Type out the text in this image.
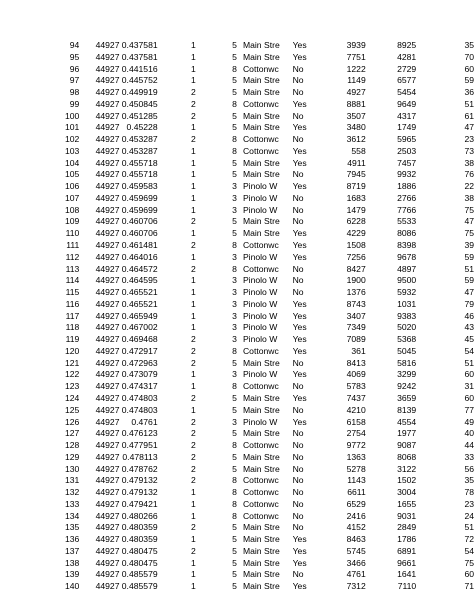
94	44927	0.437581	1	5	Main Stre	Yes	3939	8925	35
95	44927	0.437581	1	5	Main Stre	Yes	7751	4281	70
96	44927	0.441516	1	8	Cottonwc	No	1222	2729	60
97	44927	0.445752	1	5	Main Stre	No	1149	6577	59
98	44927	0.449919	2	5	Main Stre	No	4927	5454	36
99	44927	0.450845	2	8	Cottonwc	Yes	8881	9649	51
100	44927	0.451285	2	5	Main Stre	No	3507	4317	61
101	44927	0.45228	1	5	Main Stre	Yes	3480	1749	47
102	44927	0.453287	2	8	Cottonwc	No	3612	5965	23
103	44927	0.453287	1	8	Cottonwc	Yes	558	2503	73
104	44927	0.455718	1	5	Main Stre	Yes	4911	7457	38
105	44927	0.455718	1	5	Main Stre	No	7945	9932	76
106	44927	0.459583	1	3	Pinolo W	Yes	8719	1886	22
107	44927	0.459699	1	3	Pinolo W	No	1683	2766	38
108	44927	0.459699	1	3	Pinolo W	No	1479	7766	75
109	44927	0.460706	2	5	Main Stre	No	6228	5533	47
110	44927	0.460706	1	5	Main Stre	Yes	4229	8086	75
111	44927	0.461481	2	8	Cottonwc	Yes	1508	8398	39
112	44927	0.464016	1	3	Pinolo W	Yes	7256	9678	59
113	44927	0.464572	2	8	Cottonwc	No	8427	4897	51
114	44927	0.464595	1	3	Pinolo W	No	1900	9500	59
115	44927	0.465521	1	3	Pinolo W	No	1376	5932	47
116	44927	0.465521	1	3	Pinolo W	Yes	8743	1031	79
117	44927	0.465949	1	3	Pinolo W	Yes	3407	9383	46
118	44927	0.467002	1	3	Pinolo W	Yes	7349	5020	43
119	44927	0.469468	2	3	Pinolo W	Yes	7089	5368	45
120	44927	0.472917	2	8	Cottonwc	Yes	361	5045	54
121	44927	0.472963	2	5	Main Stre	No	8413	5816	51
122	44927	0.473079	1	3	Pinolo W	Yes	4069	3299	60
123	44927	0.474317	1	8	Cottonwc	No	5783	9242	31
124	44927	0.474803	2	5	Main Stre	Yes	7437	3659	60
125	44927	0.474803	1	5	Main Stre	No	4210	8139	77
126	44927	0.4761	2	3	Pinolo W	Yes	6158	4554	49
127	44927	0.476123	2	5	Main Stre	No	2754	1977	40
128	44927	0.477951	2	8	Cottonwc	No	9772	9087	44
129	44927	0.478113	2	5	Main Stre	No	1363	8068	33
130	44927	0.478762	2	5	Main Stre	No	5278	3122	56
131	44927	0.479132	2	8	Cottonwc	No	1143	1502	35
132	44927	0.479132	1	8	Cottonwc	No	6611	3004	78
133	44927	0.479421	1	8	Cottonwc	No	6529	1655	23
134	44927	0.480266	1	8	Cottonwc	No	2416	9031	24
135	44927	0.480359	2	5	Main Stre	No	4152	2849	51
136	44927	0.480359	1	5	Main Stre	Yes	8463	1786	72
137	44927	0.480475	2	5	Main Stre	Yes	5745	6891	54
138	44927	0.480475	1	5	Main Stre	Yes	3466	9661	75
139	44927	0.485579	1	5	Main Stre	No	4761	1641	60
140	44927	0.485579	1	5	Main Stre	Yes	7312	7110	71
